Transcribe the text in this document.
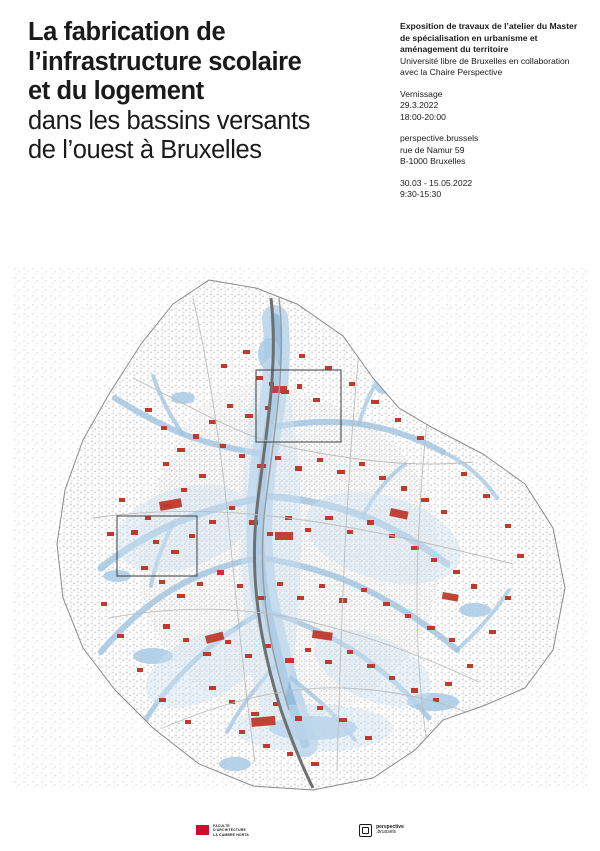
La fabrication de
l’infrastructure scolaire
et du logement
dans les bassins versants
de l’ouest à Bruxelles

Exposition de travaux de l’atelier du Master de spécialisation en urbanisme et aménagement du territoire

Université libre de Bruxelles en collaboration avec la Chaire Perspective

Vernissage

29.3.2022

18:00-20:00

perspective.brussels

rue de Namur 59

B-1000 Bruxelles

30.03 - 15.05.2022

9:30-15:30

FACULTÉ
D'ARCHITECTURE
LA CAMBRE HORTA
perspective
.brussels
